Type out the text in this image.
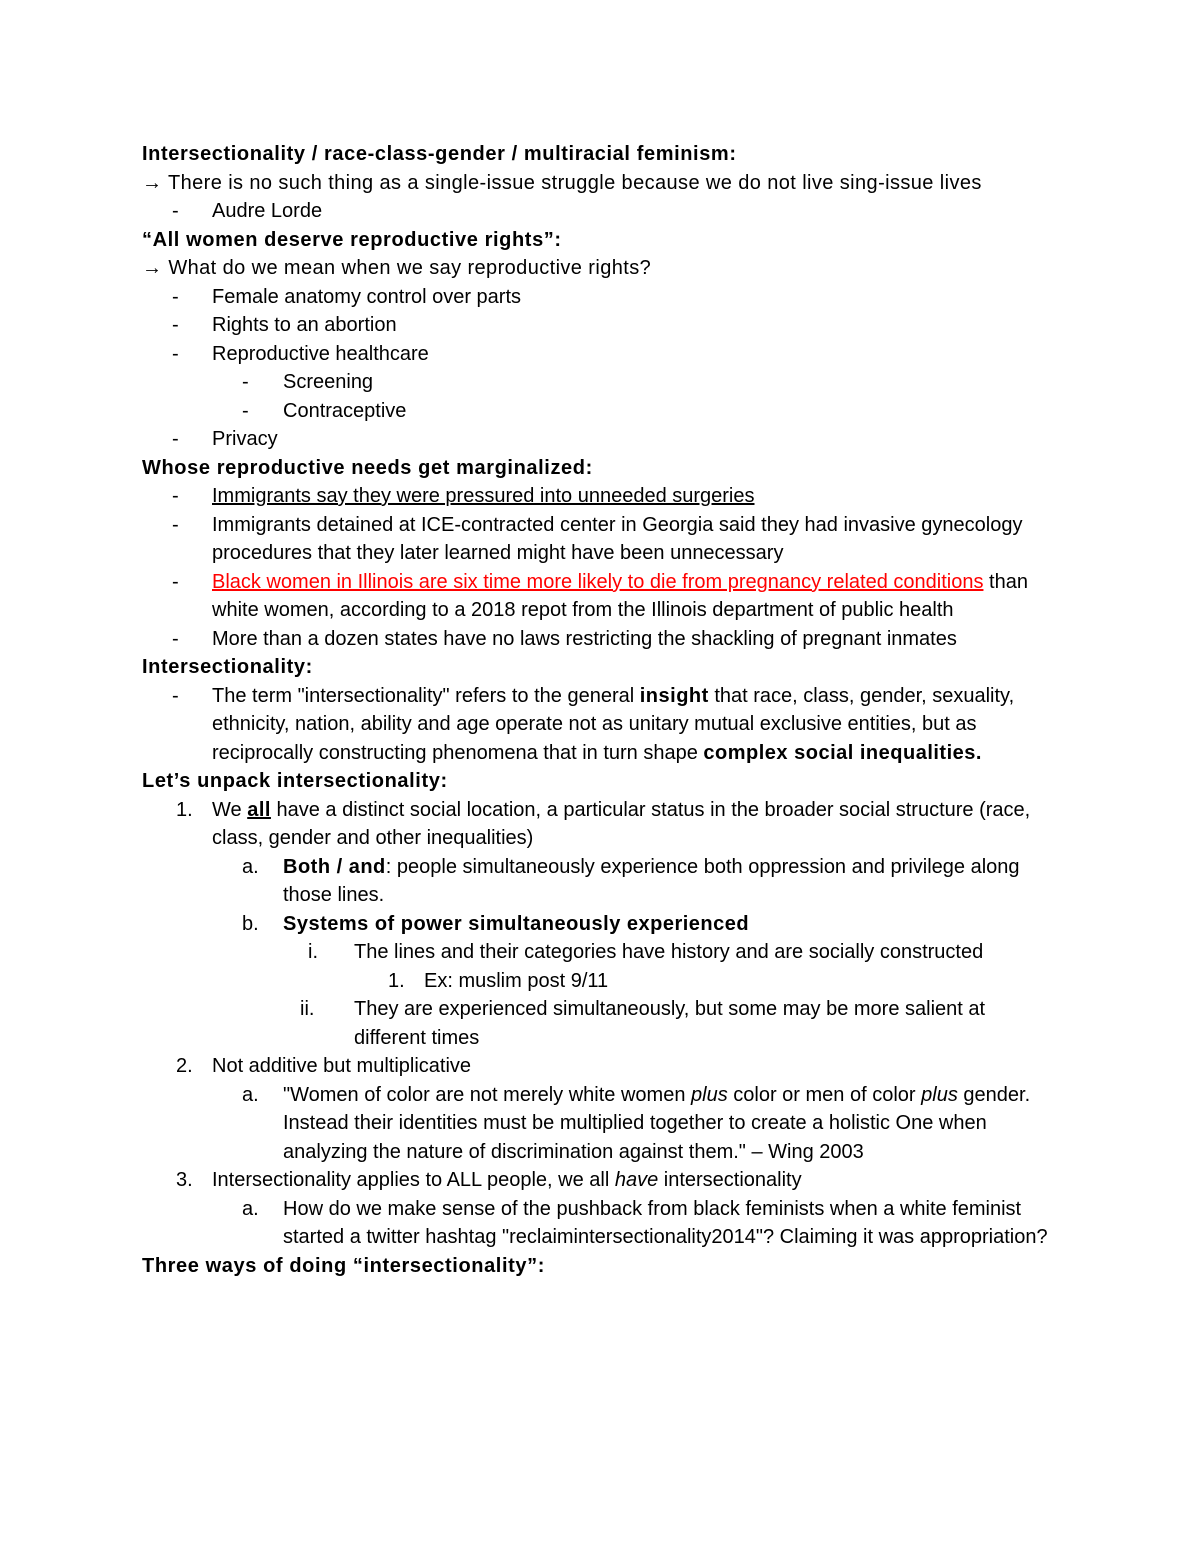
Intersectionality / race-class-gender / multiracial feminism:
→ There is no such thing as a single-issue struggle because we do not live sing-issue lives
- Audre Lorde
“All women deserve reproductive rights”:
→ What do we mean when we say reproductive rights?
- Female anatomy control over parts
- Rights to an abortion
- Reproductive healthcare
- Screening
- Contraceptive
- Privacy
Whose reproductive needs get marginalized:
- Immigrants say they were pressured into unneeded surgeries
- Immigrants detained at ICE-contracted center in Georgia said they had invasive gynecology procedures that they later learned might have been unnecessary
- Black women in Illinois are six time more likely to die from pregnancy related conditions than white women, according to a 2018 repot from the Illinois department of public health
- More than a dozen states have no laws restricting the shackling of pregnant inmates
Intersectionality:
- The term "intersectionality" refers to the general insight that race, class, gender, sexuality, ethnicity, nation, ability and age operate not as unitary mutual exclusive entities, but as reciprocally constructing phenomena that in turn shape complex social inequalities.
Let’s unpack intersectionality:
1. We all have a distinct social location, a particular status in the broader social structure (race, class, gender and other inequalities)
a. Both / and: people simultaneously experience both oppression and privilege along those lines.
b. Systems of power simultaneously experienced
i. The lines and their categories have history and are socially constructed
1. Ex: muslim post 9/11
ii. They are experienced simultaneously, but some may be more salient at different times
2. Not additive but multiplicative
a. "Women of color are not merely white women plus color or men of color plus gender. Instead their identities must be multiplied together to create a holistic One when analyzing the nature of discrimination against them." – Wing 2003
3. Intersectionality applies to ALL people, we all have intersectionality
a. How do we make sense of the pushback from black feminists when a white feminist started a twitter hashtag "reclaimintersectionality2014"? Claiming it was appropriation?
Three ways of doing “intersectionality”:
